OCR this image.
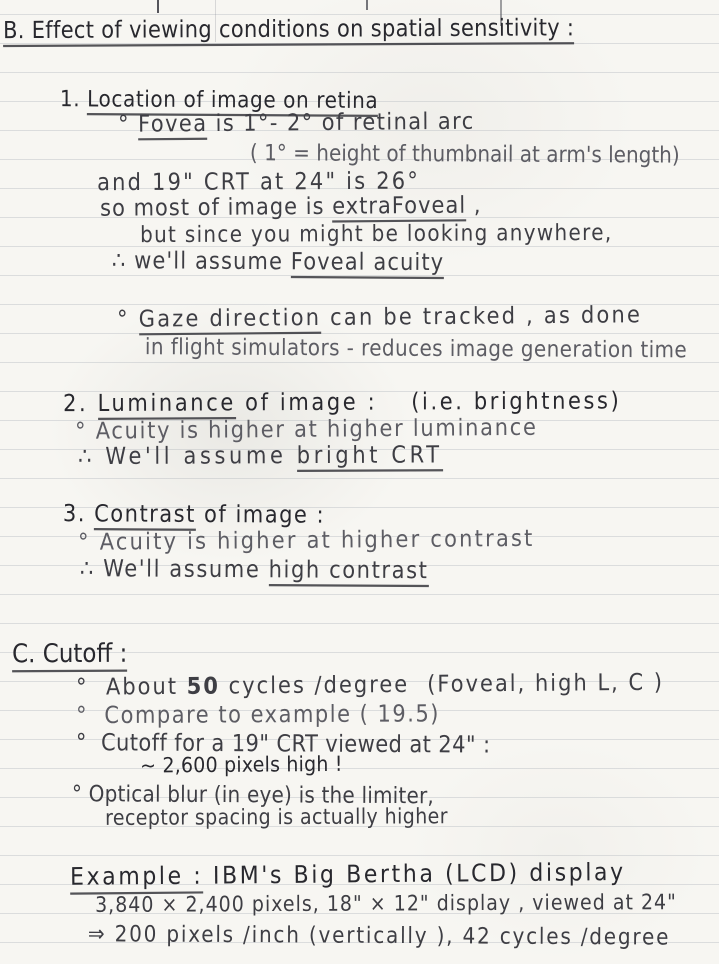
B. Effect of viewing conditions on spatial sensitivity :
1. Location of image on retina
° Fovea is 1°- 2° of retinal arc
( 1° = height of thumbnail at arm's length)
and 19" CRT at 24" is 26°
so most of image is extraFoveal ,
but since you might be looking anywhere,
∴ we'll assume Foveal acuity
° Gaze direction can be tracked , as done
in flight simulators - reduces image generation time
2. Luminance of image : (i.e. brightness)
° Acuity is higher at higher luminance
∴ We'll assume bright CRT
3. Contrast of image :
° Acuity is higher at higher contrast
∴ We'll assume high contrast
C. Cutoff :
°  About 50 cycles /degree (Foveal, high L, C )
°  Compare to example ( 19.5)
°  Cutoff for a 19" CRT viewed at 24" :
~ 2,600 pixels high !
° Optical blur (in eye) is the limiter,
receptor spacing is actually higher
Example : IBM's Big Bertha (LCD) display
3,840 × 2,400 pixels, 18" × 12" display , viewed at 24"
⇒ 200 pixels /inch (vertically ), 42 cycles /degree
